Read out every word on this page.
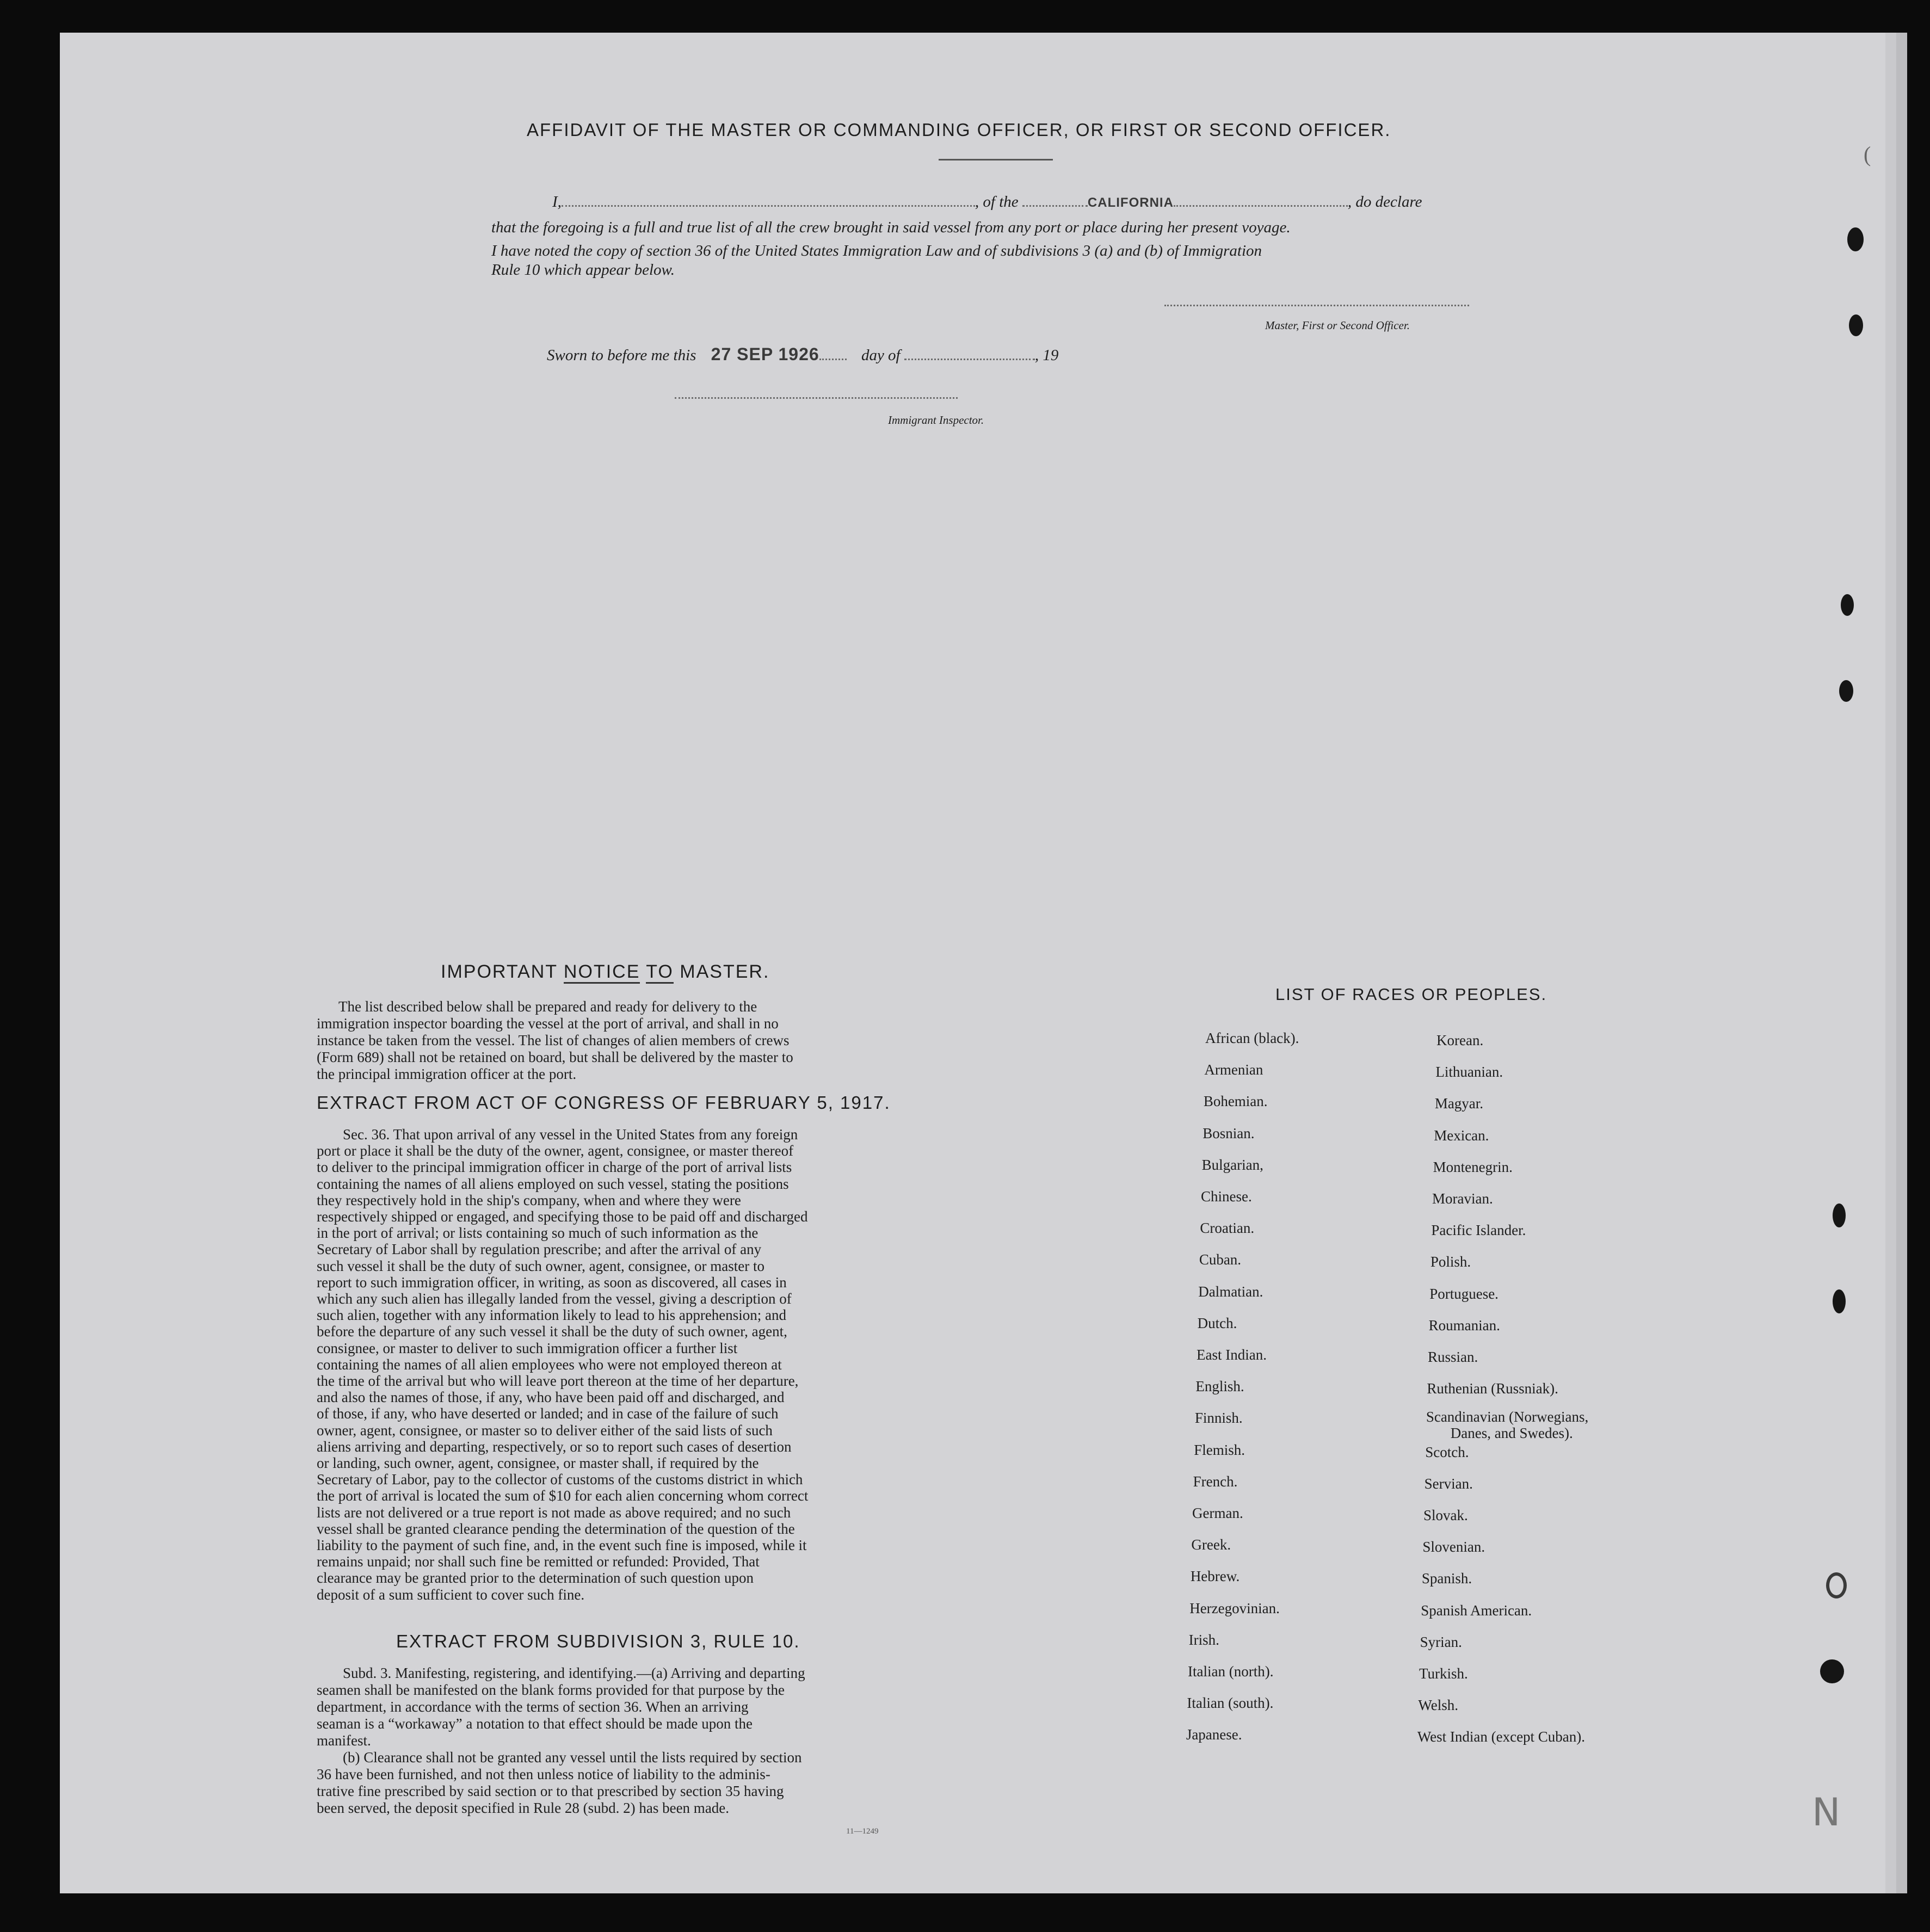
AFFIDAVIT OF THE MASTER OR COMMANDING OFFICER, OR FIRST OR SECOND OFFICER.
I,	, of the	CALIFORNIA	, do declare
that the foregoing is a full and true list of all the crew brought in said vessel from any port or place during her present voyage.
I have noted the copy of section 36 of the United States Immigration Law and of subdivisions 3 (a) and (b) of Immigration
Rule 10 which appear below.
Master, First or Second Officer.
Sworn to before me this 27 SEP 1926	day of	, 19
Immigrant Inspector.
IMPORTANT NOTICE TO MASTER.
The list described below shall be prepared and ready for delivery to the
immigration inspector boarding the vessel at the port of arrival, and shall in no
instance be taken from the vessel. The list of changes of alien members of crews
(Form 689) shall not be retained on board, but shall be delivered by the master to
the principal immigration officer at the port.
EXTRACT FROM ACT OF CONGRESS OF FEBRUARY 5, 1917.
Sec. 36. That upon arrival of any vessel in the United States from any foreign
port or place it shall be the duty of the owner, agent, consignee, or master thereof
to deliver to the principal immigration officer in charge of the port of arrival lists
containing the names of all aliens employed on such vessel, stating the positions
they respectively hold in the ship's company, when and where they were
respectively shipped or engaged, and specifying those to be paid off and discharged
in the port of arrival; or lists containing so much of such information as the
Secretary of Labor shall by regulation prescribe; and after the arrival of any
such vessel it shall be the duty of such owner, agent, consignee, or master to
report to such immigration officer, in writing, as soon as discovered, all cases in
which any such alien has illegally landed from the vessel, giving a description of
such alien, together with any information likely to lead to his apprehension; and
before the departure of any such vessel it shall be the duty of such owner, agent,
consignee, or master to deliver to such immigration officer a further list
containing the names of all alien employees who were not employed thereon at
the time of the arrival but who will leave port thereon at the time of her departure,
and also the names of those, if any, who have been paid off and discharged, and
of those, if any, who have deserted or landed; and in case of the failure of such
owner, agent, consignee, or master so to deliver either of the said lists of such
aliens arriving and departing, respectively, or so to report such cases of desertion
or landing, such owner, agent, consignee, or master shall, if required by the
Secretary of Labor, pay to the collector of customs of the customs district in which
the port of arrival is located the sum of $10 for each alien concerning whom correct
lists are not delivered or a true report is not made as above required; and no such
vessel shall be granted clearance pending the determination of the question of the
liability to the payment of such fine, and, in the event such fine is imposed, while it
remains unpaid; nor shall such fine be remitted or refunded: Provided, That
clearance may be granted prior to the determination of such question upon
deposit of a sum sufficient to cover such fine.
EXTRACT FROM SUBDIVISION 3, RULE 10.
Subd. 3. Manifesting, registering, and identifying.—(a) Arriving and departing
seamen shall be manifested on the blank forms provided for that purpose by the
department, in accordance with the terms of section 36. When an arriving
seaman is a “workaway” a notation to that effect should be made upon the
manifest.
(b) Clearance shall not be granted any vessel until the lists required by section
36 have been furnished, and not then unless notice of liability to the adminis-
trative fine prescribed by said section or to that prescribed by section 35 having
been served, the deposit specified in Rule 28 (subd. 2) has been made.
11—1249
LIST OF RACES OR PEOPLES.
African (black).
Armenian
Bohemian.
Bosnian.
Bulgarian,
Chinese.
Croatian.
Cuban.
Dalmatian.
Dutch.
East Indian.
English.
Finnish.
Flemish.
French.
German.
Greek.
Hebrew.
Herzegovinian.
Irish.
Italian (north).
Italian (south).
Japanese.
Korean.
Lithuanian.
Magyar.
Mexican.
Montenegrin.
Moravian.
Pacific Islander.
Polish.
Portuguese.
Roumanian.
Russian.
Ruthenian (Russniak).
Scandinavian (Norwegians,
Danes, and Swedes).
Scotch.
Servian.
Slovak.
Slovenian.
Spanish.
Spanish American.
Syrian.
Turkish.
Welsh.
West Indian (except Cuban).
(
N
